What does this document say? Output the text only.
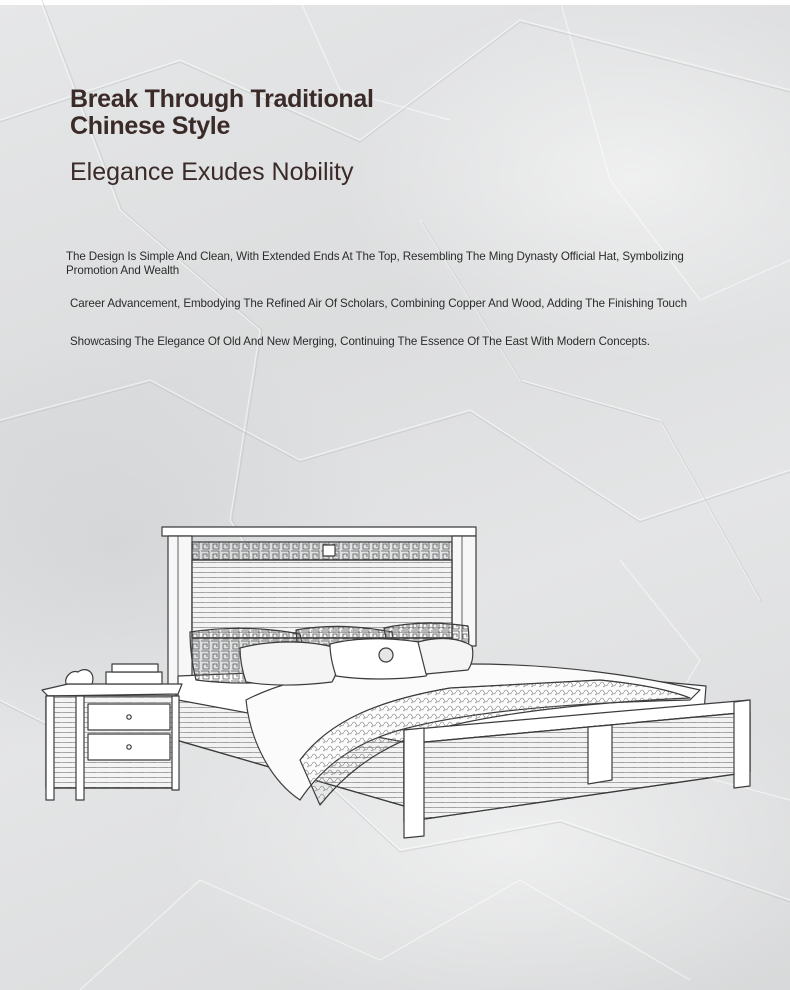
Break Through Traditional
Chinese Style
Elegance Exudes Nobility

The Design Is Simple And Clean, With Extended Ends At The Top, Resembling The Ming Dynasty Official Hat, Symbolizing Promotion And Wealth

Career Advancement, Embodying The Refined Air Of Scholars, Combining Copper And Wood, Adding The Finishing Touch

Showcasing The Elegance Of Old And New Merging, Continuing The Essence Of The East With Modern Concepts.
